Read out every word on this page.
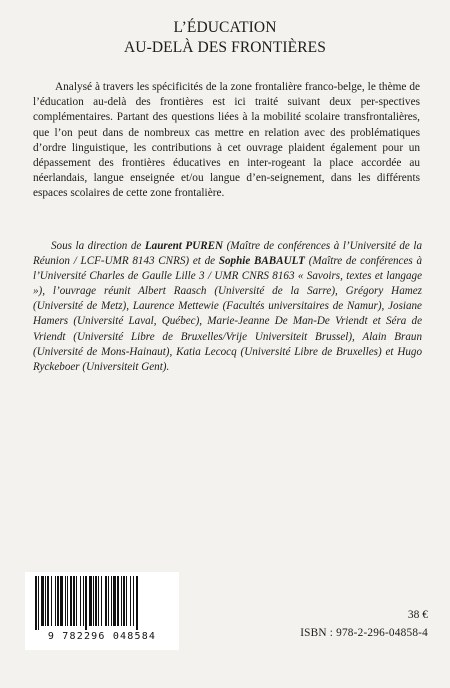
L’ÉDUCATION
AU-DELÀ DES FRONTIÈRES
Analysé à travers les spécificités de la zone frontalière franco-belge, le thème de l’éducation au-delà des frontières est ici traité suivant deux per-spectives complémentaires. Partant des questions liées à la mobilité scolaire transfrontalières, que l’on peut dans de nombreux cas mettre en relation avec des problématiques d’ordre linguistique, les contributions à cet ouvrage plaident également pour un dépassement des frontières éducatives en inter-rogeant la place accordée au néerlandais, langue enseignée et/ou langue d’en-seignement, dans les différents espaces scolaires de cette zone frontalière.
Sous la direction de Laurent PUREN (Maître de conférences à l’Université de la Réunion / LCF-UMR 8143 CNRS) et de Sophie BABAULT (Maître de conférences à l’Université Charles de Gaulle Lille 3 / UMR CNRS 8163 « Savoirs, textes et langage »), l’ouvrage réunit Albert Raasch (Université de la Sarre), Grégory Hamez (Université de Metz), Laurence Mettewie (Facultés universitaires de Namur), Josiane Hamers (Université Laval, Québec), Marie-Jeanne De Man-De Vriendt et Séra de Vriendt (Université Libre de Bruxelles/Vrije Universiteit Brussel), Alain Braun (Université de Mons-Hainaut), Katia Lecocq (Université Libre de Bruxelles) et Hugo Ryckeboer (Universiteit Gent).
9 782296 048584
38 €
ISBN : 978-2-296-04858-4
